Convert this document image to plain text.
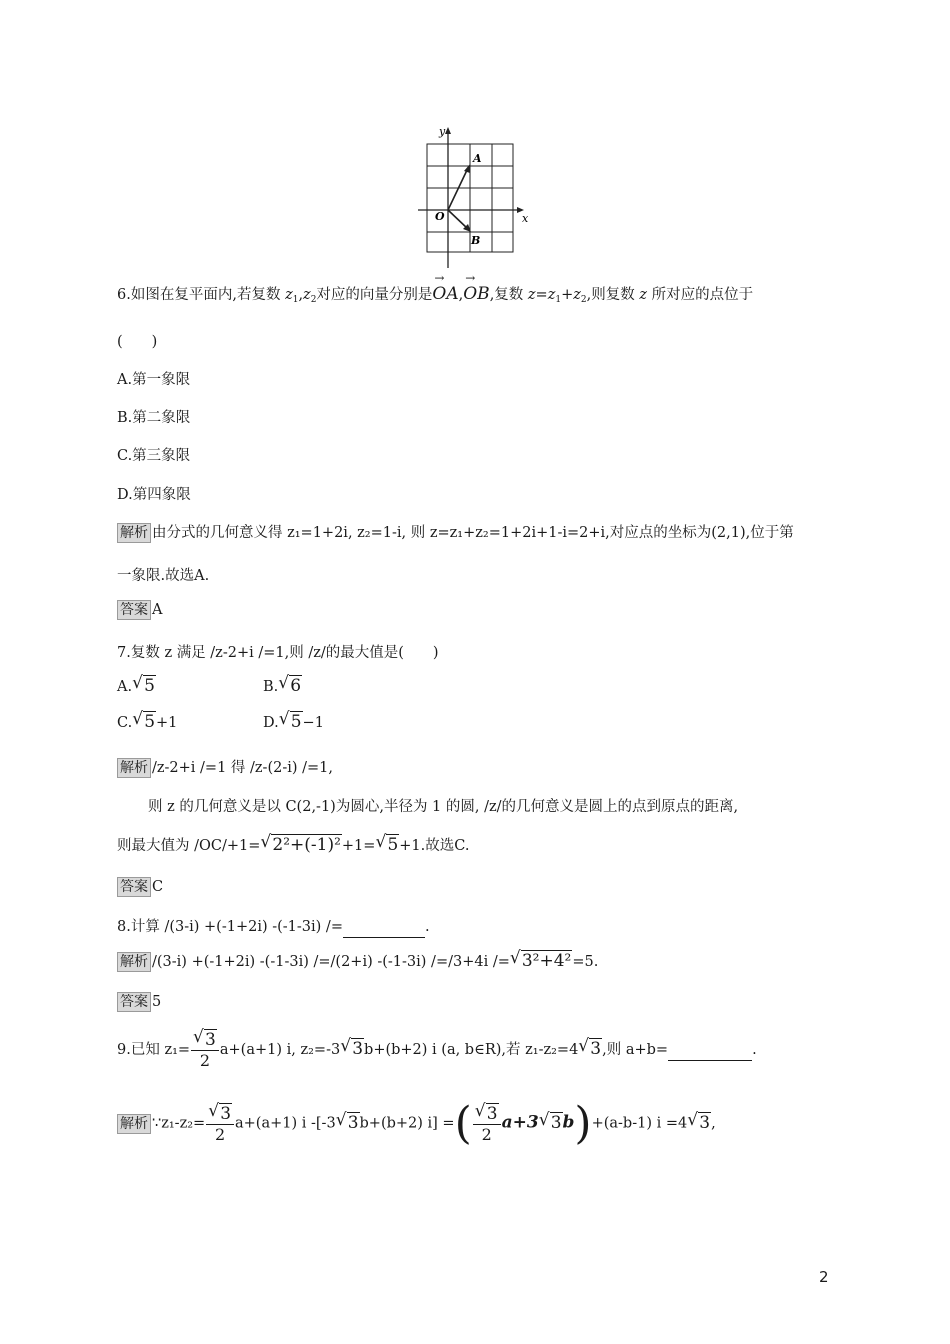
x
y
O
A
B
6.如图在复平面内,若复数 $z_1,z_2$对应的向量分别是OA →,OB →,复数 $z=z_1+z_2$,则复数 z 所对应的点位于
(　　)
A.第一象限
B.第二象限
C.第三象限
D.第四象限
解析 由分式的几何意义得 z₁=1+2i, z₂=1-i, 则 z=z₁+z₂=1+2i+1-i=2+i,对应点的坐标为(2,1),位于第
一象限.故选A.
答案 A
7.复数 z 满足 /z-2+i /=1,则 /z/的最大值是(　　)
A.√ 5	B.√ 6
C.√ 5+1	D.√ 5−1
解析 /z-2+i /=1 得 /z-(2-i) /=1,
则 z 的几何意义是以 C(2,-1)为圆心,半径为 1 的圆, /z/的几何意义是圆上的点到原点的距离,
则最大值为 /OC/+1=√ 2²+(-1)²+1=√ 5+1.故选C.
答案 C
8.计算 /(3-i) +(-1+2i) -(-1-3i) /=	.
解析 /(3-i) +(-1+2i) -(-1-3i) /=/(2+i) -(-1-3i) /=/3+4i /=√ 3²+4²=5.
答案 5
9.已知 z₁=
√ $\frac{3}{2} a+(a+1)$ i, z₂=-3√ 3b+(b+2) i (a, b∈R),若 z₁-z₂=4√ 3,则 a+b=	.
解析 ∵z₁-z₂=
√ $\frac{3}{2} a+(a+1)$ i -[-3√ 3b+(b+2) i] =(
√ $\frac{3}{2} a+3√$ 3b)+(a-b-1) i =4√ 3,
2
